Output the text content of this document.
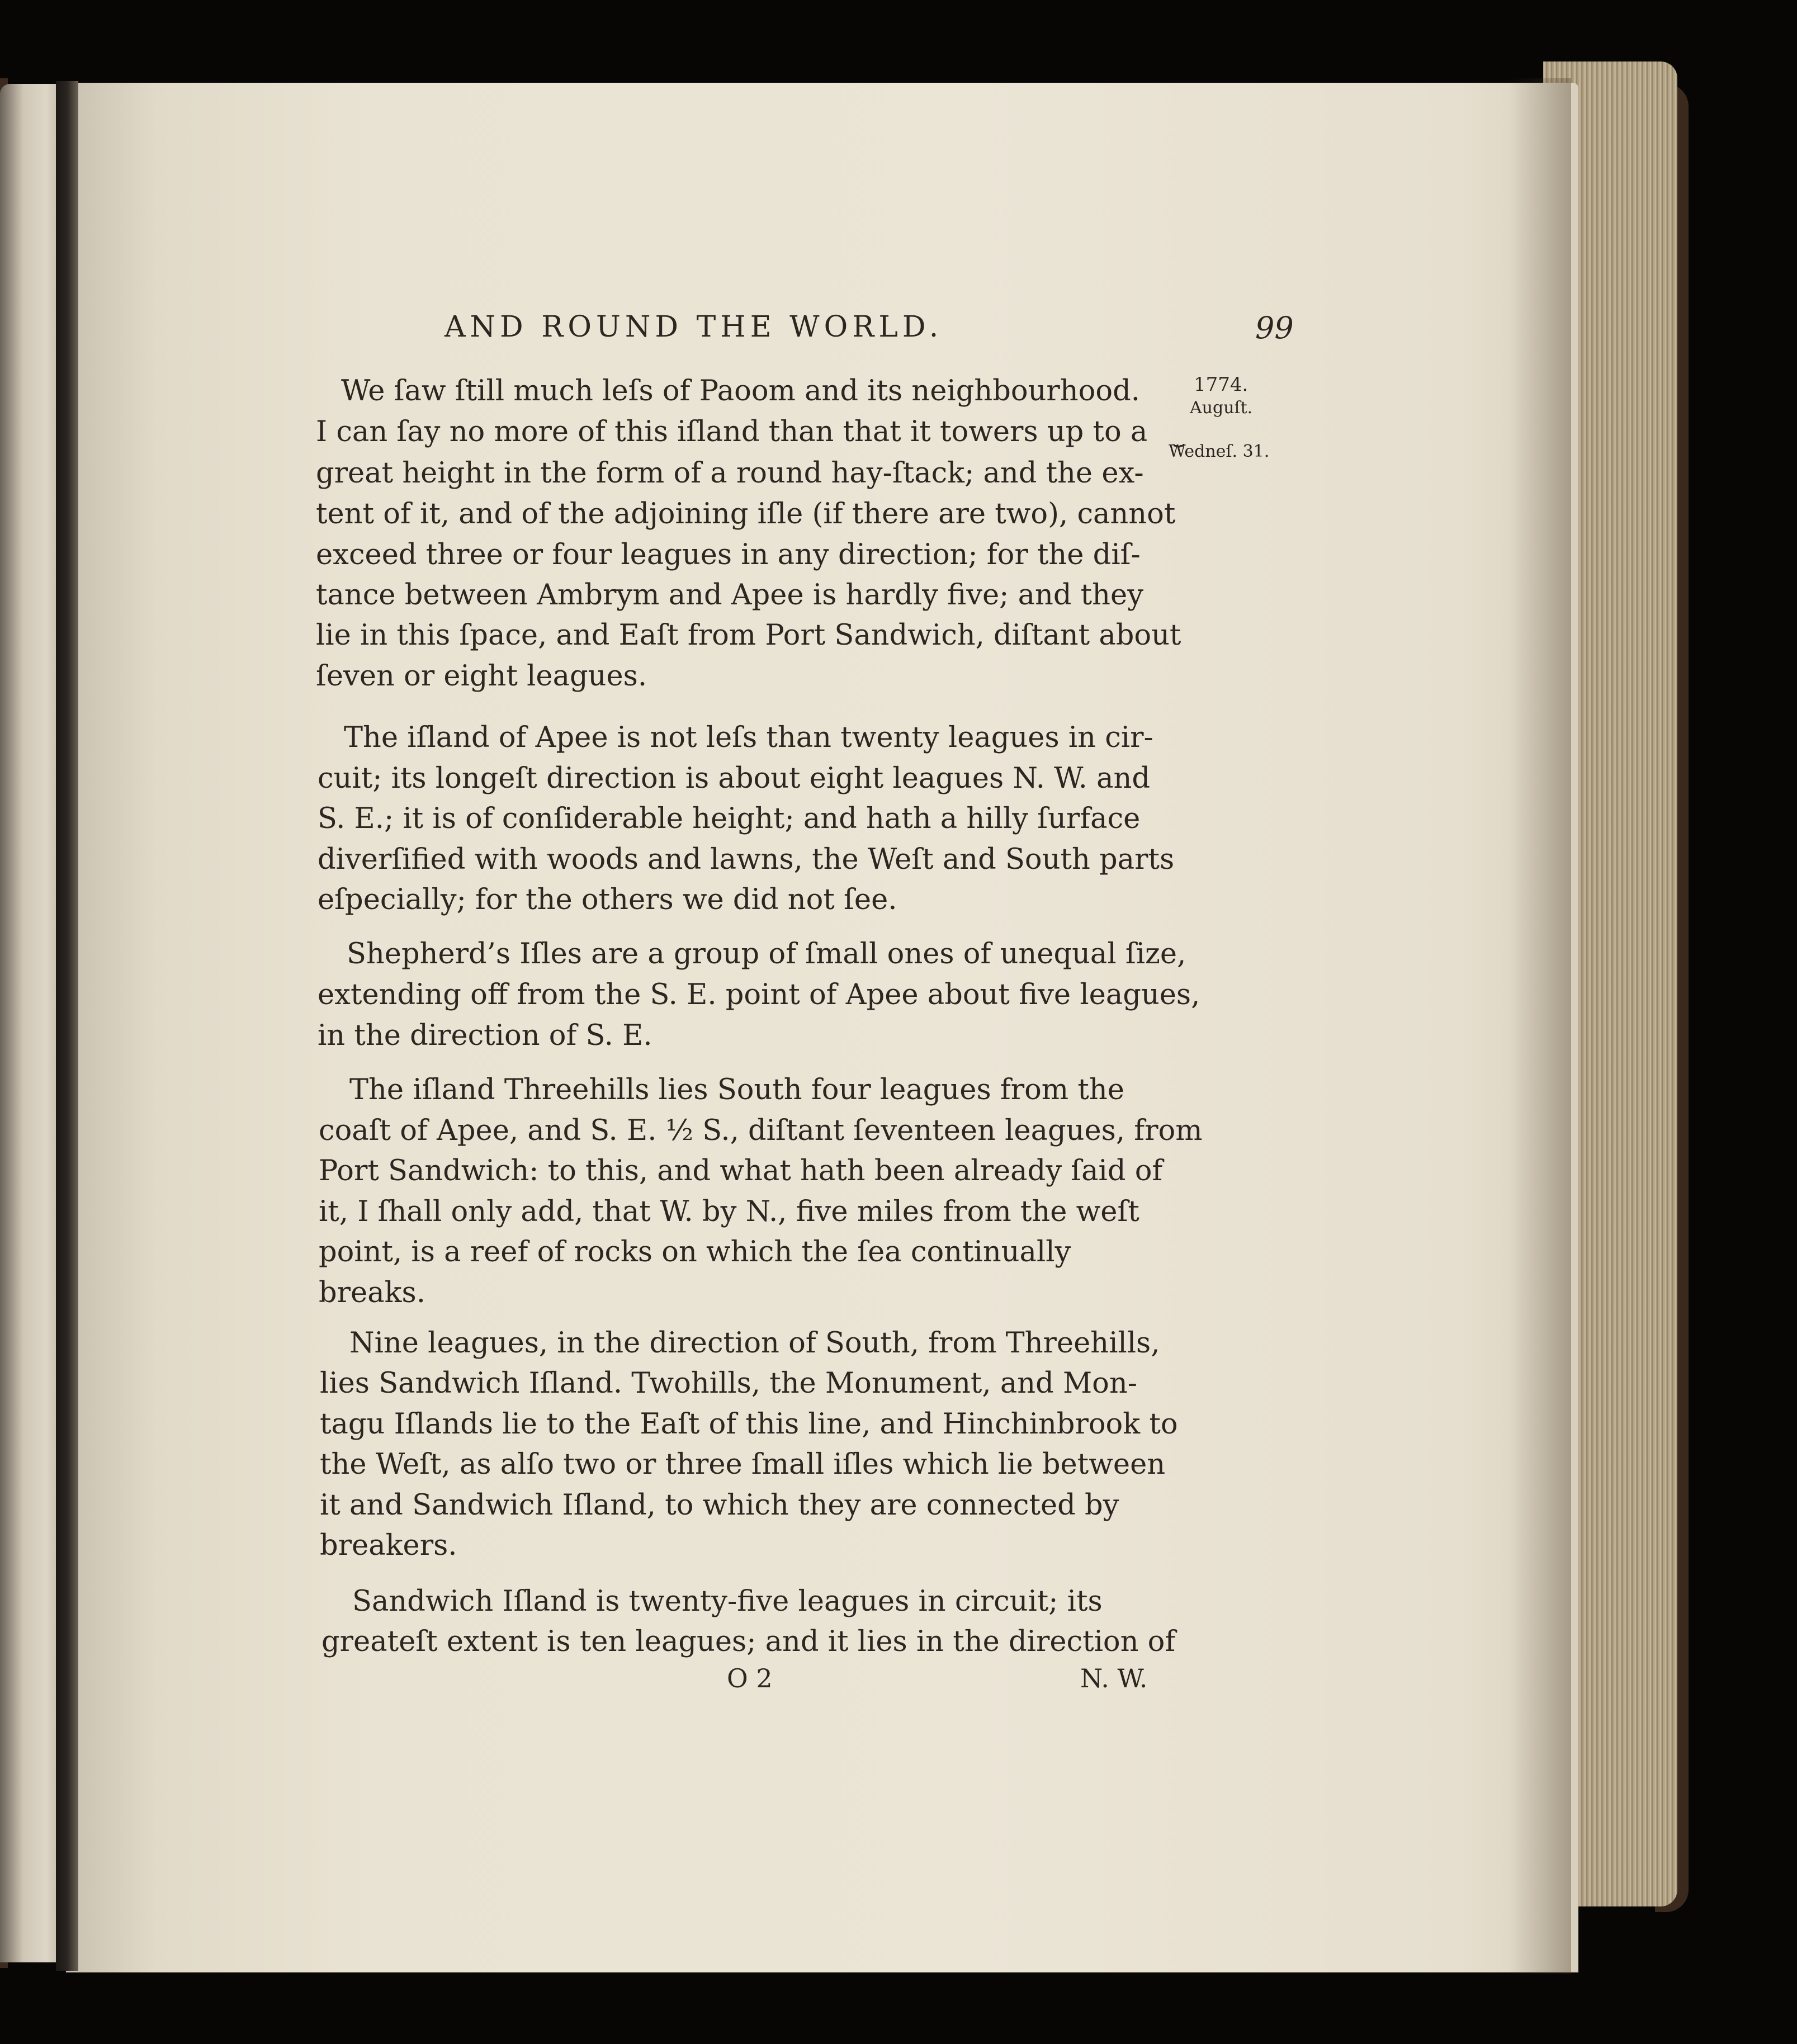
AND ROUND THE WORLD.	99
1774.
Auguſt.
⏟
Wedneſ. 31.
We ſaw ſtill much leſs of Paoom and its neighbourhood.
I can ſay no more of this iſland than that it towers up to a
great height in the form of a round hay-ſtack; and the ex-
tent of it, and of the adjoining iſle (if there are two), cannot
exceed three or four leagues in any direction; for the diſ-
tance between Ambrym and Apee is hardly five; and they
lie in this ſpace, and Eaſt from Port Sandwich, diſtant about
ſeven or eight leagues.
The iſland of Apee is not leſs than twenty leagues in cir-
cuit; its longeſt direction is about eight leagues N. W. and
S. E.; it is of conſiderable height; and hath a hilly ſurface
diverſified with woods and lawns, the Weſt and South parts
eſpecially; for the others we did not ſee.
Shepherd’s Iſles are a group of ſmall ones of unequal ſize,
extending off from the S. E. point of Apee about five leagues,
in the direction of S. E.
The iſland Threehills lies South four leagues from the
coaſt of Apee, and S. E. ½ S., diſtant ſeventeen leagues, from
Port Sandwich: to this, and what hath been already ſaid of
it, I ſhall only add, that W. by N., five miles from the weſt
point, is a reef of rocks on which the ſea continually
breaks.
Nine leagues, in the direction of South, from Threehills,
lies Sandwich Iſland. Twohills, the Monument, and Mon-
tagu Iſlands lie to the Eaſt of this line, and Hinchinbrook to
the Weſt, as alſo two or three ſmall iſles which lie between
it and Sandwich Iſland, to which they are connected by
breakers.
Sandwich Iſland is twenty-five leagues in circuit; its
greateſt extent is ten leagues; and it lies in the direction of
O 2	N. W.
